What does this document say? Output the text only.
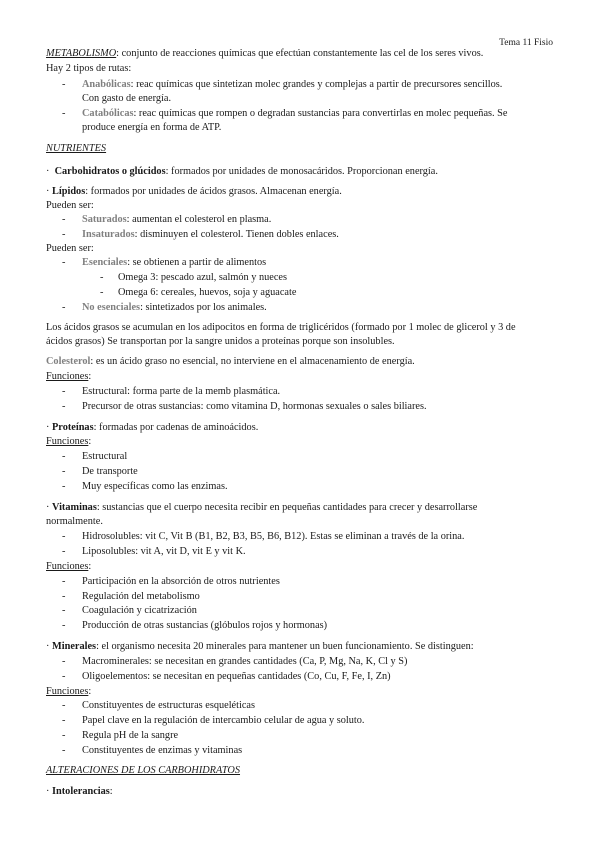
Tema 11 Fisio
METABOLISMO: conjunto de reacciones químicas que efectúan constantemente las cel de los seres vivos.
Hay 2 tipos de rutas:
-	Anabólicas: reac químicas que sintetizan molec grandes y complejas a partir de precursores sencillos.
Con gasto de energía.
-	Catabólicas: reac químicas que rompen o degradan sustancias para convertirlas en molec pequeñas. Se
produce energía en forma de ATP.
NUTRIENTES
· Carbohidratos o glúcidos: formados por unidades de monosacáridos. Proporcionan energía.
· Lípidos: formados por unidades de ácidos grasos. Almacenan energía.
Pueden ser:
-	Saturados: aumentan el colesterol en plasma.
-	Insaturados: disminuyen el colesterol. Tienen dobles enlaces.
Pueden ser:
-	Esenciales: se obtienen a partir de alimentos
-	Omega 3: pescado azul, salmón y nueces
-	Omega 6: cereales, huevos, soja y aguacate
-	No esenciales: sintetizados por los animales.
Los ácidos grasos se acumulan en los adipocitos en forma de triglicéridos (formado por 1 molec de glicerol y 3 de
ácidos grasos) Se transportan por la sangre unidos a proteínas porque son insolubles.
Colesterol: es un ácido graso no esencial, no interviene en el almacenamiento de energía.
Funciones:
-	Estructural: forma parte de la memb plasmática.
-	Precursor de otras sustancias: como vitamina D, hormonas sexuales o sales biliares.
· Proteínas: formadas por cadenas de aminoácidos.
Funciones:
-	Estructural
-	De transporte
-	Muy específicas como las enzimas.
· Vitaminas: sustancias que el cuerpo necesita recibir en pequeñas cantidades para crecer y desarrollarse
normalmente.
-	Hidrosolubles: vit C, Vit B (B1, B2, B3, B5, B6, B12). Estas se eliminan a través de la orina.
-	Liposolubles: vit A, vit D, vit E y vit K.
Funciones:
-	Participación en la absorción de otros nutrientes
-	Regulación del metabolismo
-	Coagulación y cicatrización
-	Producción de otras sustancias (glóbulos rojos y hormonas)
· Minerales: el organismo necesita 20 minerales para mantener un buen funcionamiento. Se distinguen:
-	Macrominerales: se necesitan en grandes cantidades (Ca, P, Mg, Na, K, Cl y S)
-	Oligoelementos: se necesitan en pequeñas cantidades (Co, Cu, F, Fe, I, Zn)
Funciones:
-	Constituyentes de estructuras esqueléticas
-	Papel clave en la regulación de intercambio celular de agua y soluto.
-	Regula pH de la sangre
-	Constituyentes de enzimas y vitaminas
ALTERACIONES DE LOS CARBOHIDRATOS
· Intolerancias:
